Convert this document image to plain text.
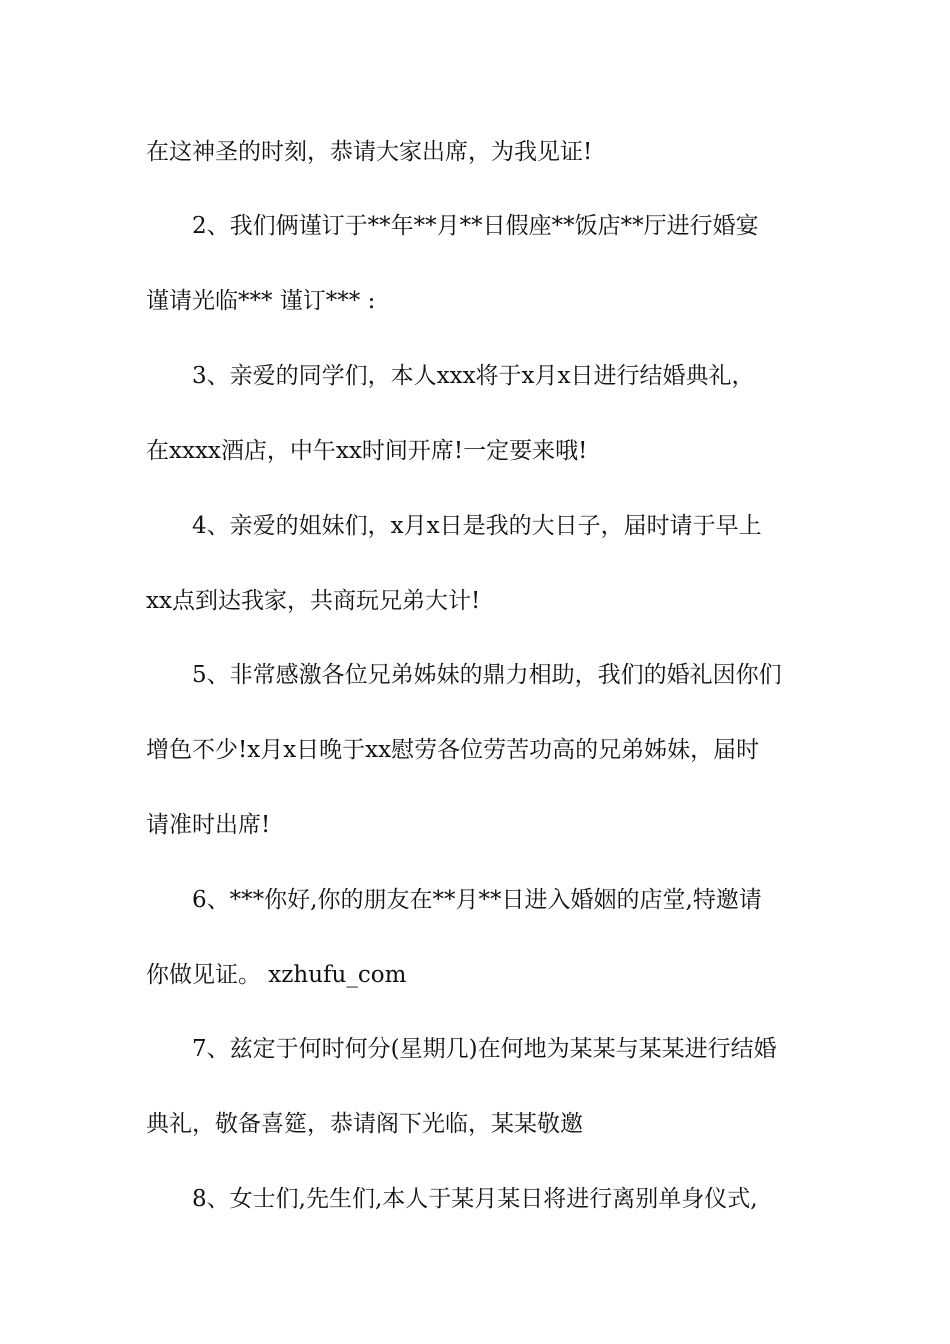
在这神圣的时刻，恭请大家出席，为我见证!
2、我们俩谨订于**年**月**日假座**饭店**厅进行婚宴
谨请光临*** 谨订*** :
3、亲爱的同学们，本人xxx将于x月x日进行结婚典礼，
在xxxx酒店，中午xx时间开席!一定要来哦!
4、亲爱的姐妹们，x月x日是我的大日子，届时请于早上
xx点到达我家，共商玩兄弟大计!
5、非常感激各位兄弟姊妹的鼎力相助，我们的婚礼因你们
增色不少!x月x日晚于xx慰劳各位劳苦功高的兄弟姊妹，届时
请准时出席!
6、***你好,你的朋友在**月**日进入婚姻的店堂,特邀请
你做见证。 xzhufu_com
7、兹定于何时何分(星期几)在何地为某某与某某进行结婚
典礼，敬备喜筵，恭请阁下光临，某某敬邀
8、女士们,先生们,本人于某月某日将进行离别单身仪式,
